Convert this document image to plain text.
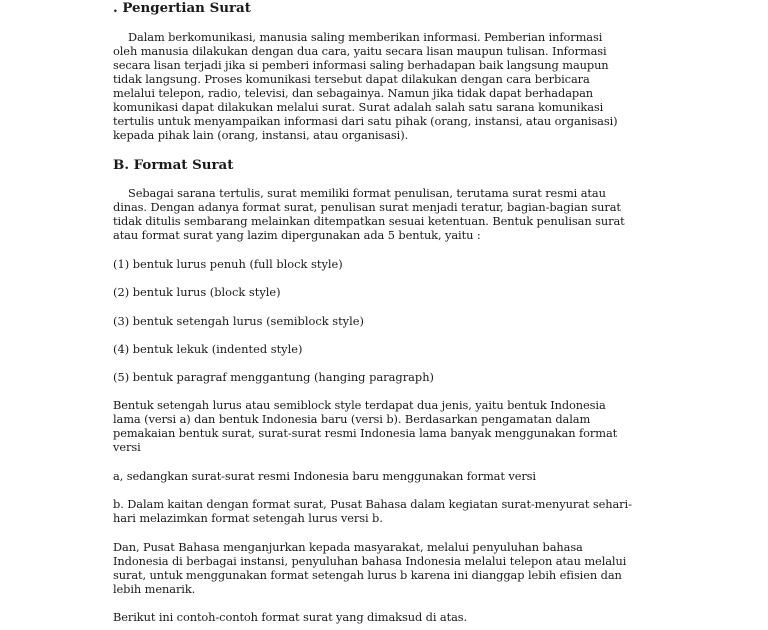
. Pengertian Surat

Dalam berkomunikasi, manusia saling memberikan informasi. Pemberian informasi

oleh manusia dilakukan dengan dua cara, yaitu secara lisan maupun tulisan. Informasi

secara lisan terjadi jika si pemberi informasi saling berhadapan baik langsung maupun

tidak langsung. Proses komunikasi tersebut dapat dilakukan dengan cara berbicara

melalui telepon, radio, televisi, dan sebagainya. Namun jika tidak dapat berhadapan

komunikasi dapat dilakukan melalui surat. Surat adalah salah satu sarana komunikasi

tertulis untuk menyampaikan informasi dari satu pihak (orang, instansi, atau organisasi)

kepada pihak lain (orang, instansi, atau organisasi).

B. Format Surat

Sebagai sarana tertulis, surat memiliki format penulisan, terutama surat resmi atau

dinas. Dengan adanya format surat, penulisan surat menjadi teratur, bagian-bagian surat

tidak ditulis sembarang melainkan ditempatkan sesuai ketentuan. Bentuk penulisan surat

atau format surat yang lazim dipergunakan ada 5 bentuk, yaitu :

(1) bentuk lurus penuh (full block style)
(2) bentuk lurus (block style)
(3) bentuk setengah lurus (semiblock style)
(4) bentuk lekuk (indented style)
(5) bentuk paragraf menggantung (hanging paragraph)

Bentuk setengah lurus atau semiblock style terdapat dua jenis, yaitu bentuk Indonesia

lama (versi a) dan bentuk Indonesia baru (versi b). Berdasarkan pengamatan dalam

pemakaian bentuk surat, surat-surat resmi Indonesia lama banyak menggunakan format

versi

a, sedangkan surat-surat resmi Indonesia baru menggunakan format versi

b. Dalam kaitan dengan format surat, Pusat Bahasa dalam kegiatan surat-menyurat sehari-

hari melazimkan format setengah lurus versi b.

Dan, Pusat Bahasa menganjurkan kepada masyarakat, melalui penyuluhan bahasa

Indonesia di berbagai instansi, penyuluhan bahasa Indonesia melalui telepon atau melalui

surat, untuk menggunakan format setengah lurus b karena ini dianggap lebih efisien dan

lebih menarik.

Berikut ini contoh-contoh format surat yang dimaksud di atas.
